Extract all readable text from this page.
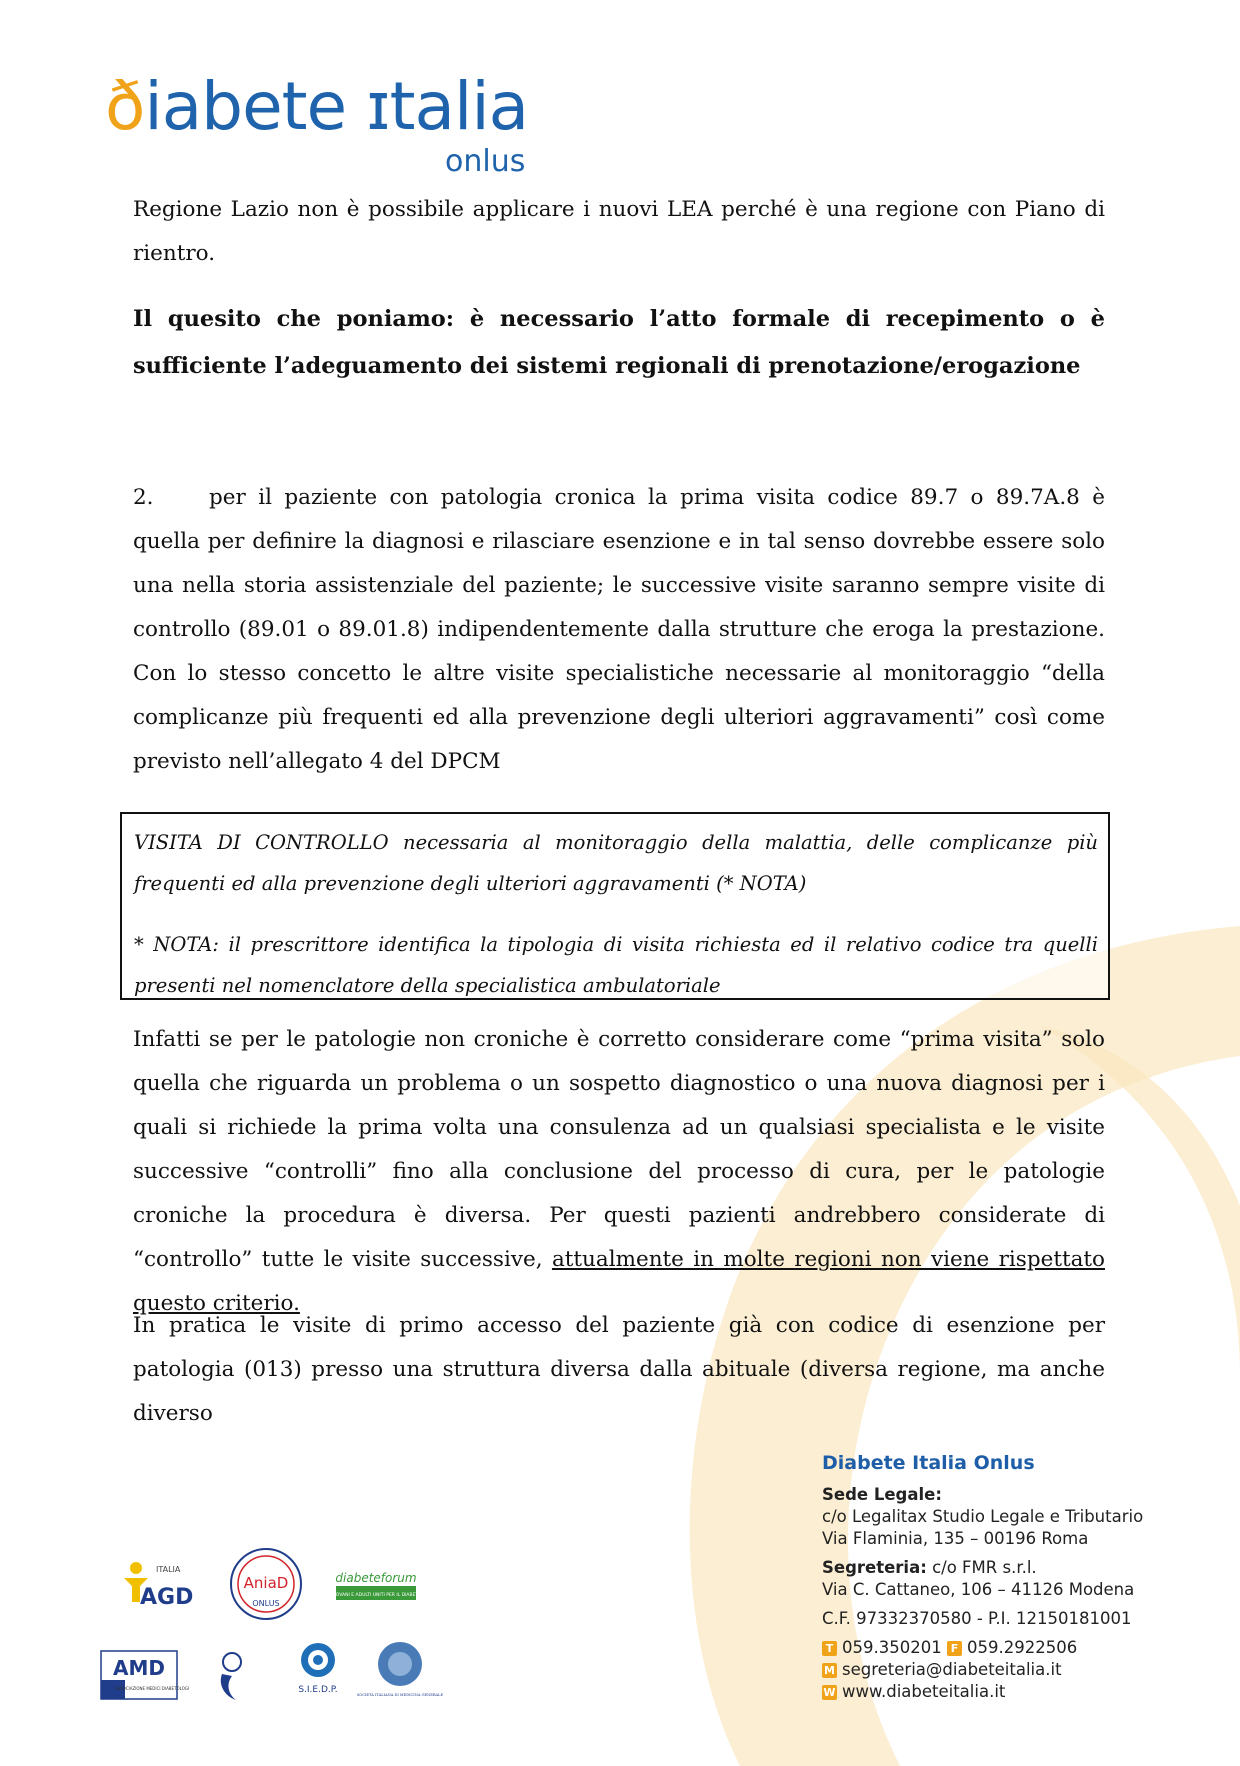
ðiabete ɪtalia
onlus

Regione Lazio non è possibile applicare i nuovi LEA perché è una regione con Piano di rientro.

Il quesito che poniamo: è necessario l’atto formale di recepimento o è sufficiente l’adeguamento dei sistemi regionali di prenotazione/erogazione

2.	per il paziente con patologia cronica la prima visita codice 89.7 o 89.7A.8 è quella per definire la diagnosi e rilasciare esenzione e in tal senso dovrebbe essere solo una nella storia assistenziale del paziente; le successive visite saranno sempre visite di controllo (89.01 o 89.01.8) indipendentemente dalla strutture che eroga la prestazione. Con lo stesso concetto le altre visite specialistiche necessarie al monitoraggio “della complicanze più frequenti ed alla prevenzione degli ulteriori aggravamenti” così come previsto nell’allegato 4 del DPCM

VISITA DI CONTROLLO necessaria al monitoraggio della malattia, delle complicanze più frequenti ed alla prevenzione degli ulteriori aggravamenti (* NOTA)

* NOTA: il prescrittore identifica la tipologia di visita richiesta ed il relativo codice tra quelli presenti nel nomenclatore della specialistica ambulatoriale

Infatti se per le patologie non croniche è corretto considerare come “prima visita” solo quella che riguarda un problema o un sospetto diagnostico o una nuova diagnosi per i quali si richiede la prima volta una consulenza ad un qualsiasi specialista e le visite successive “controlli” fino alla conclusione del processo di cura, per le patologie croniche la procedura è diversa. Per questi pazienti andrebbero considerate di “controllo” tutte le visite successive, attualmente in molte regioni non viene rispettato questo criterio.

In pratica le visite di primo accesso del paziente già con codice di esenzione per patologia (013) presso una struttura diversa dalla abituale (diversa regione, ma anche diverso

Diabete Italia Onlus
Sede Legale:
c/o Legalitax Studio Legale e Tributario
Via Flaminia, 135 – 00196 Roma
Segreteria: c/o FMR s.r.l.
Via C. Cattaneo, 106 – 41126 Modena
C.F. 97332370580 - P.I. 12150181001
T 059.350201 F 059.2922506
M segreteria@diabeteitalia.it
W www.diabeteitalia.it
ITALIA
AGD
AniaD
ONLUS
diabeteforum
GIOVANI E ADULTI UNITI PER IL DIABETE
AMD
ASSOCIAZIONE MEDICI DIABETOLOGI	S.I.E.D.P.	SOCIETÀ ITALIANA DI MEDICINA GENERALE
